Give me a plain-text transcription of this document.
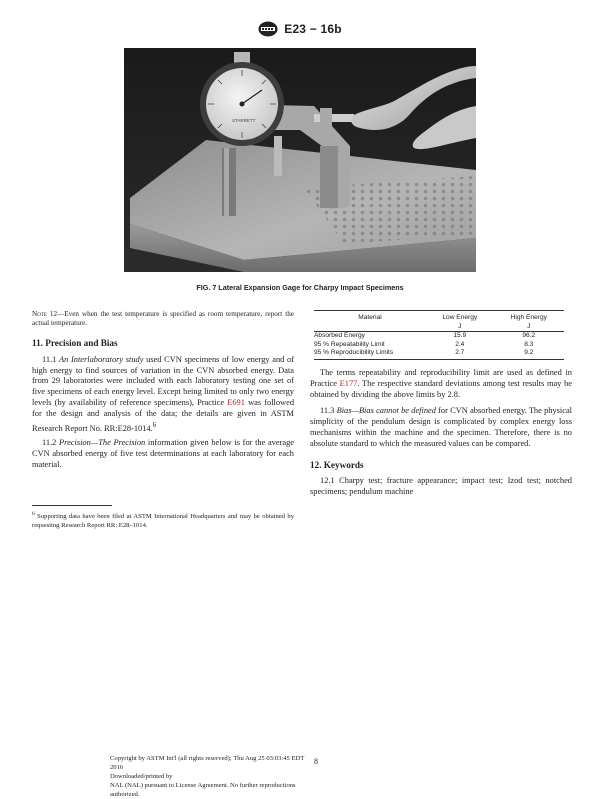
E23 − 16b
STARRETT
FIG. 7 Lateral Expansion Gage for Charpy Impact Specimens

Note 12—Even when the test temperature is specified as room temperature, report the actual temperature.

11. Precision and Bias

11.1 An Interlaboratory study used CVN specimens of low energy and of high energy to find sources of variation in the CVN absorbed energy. Data from 29 laboratories were included with each laboratory testing one set of five specimens of each energy level. Except being limited to only two energy levels (by availability of reference specimens), Practice E691 was followed for the design and analysis of the data; the details are given in ASTM Research Report No. RR:E28-1014.$^6$

11.2 Precision—The Precision information given below is for the average CVN absorbed energy of five test determinations at each laboratory for each material.

$^6$ Supporting data have been filed at ASTM International Headquarters and may be obtained by requesting Research Report RR: E28–1014.
Material	Low Energy	High Energy
	J	J
Absorbed Energy	15.9	96.2
95 % Repeatability Limit	2.4	8.3
95 % Reproducibility Limits	2.7	9.2

The terms repeatability and reproducibility limit are used as defined in Practice E177. The respective standard deviations among test results may be obtained by dividing the above limits by 2.8.

11.3 Bias—Bias cannot be defined for CVN absorbed energy. The physical simplicity of the pendulum design is complicated by complex energy loss mechanisms within the machine and the specimen. Therefore, there is no absolute standard to which the measured values can be compared.

12. Keywords

12.1 Charpy test; fracture appearance; impact test; Izod test; notched specimens; pendulum machine

Copyright by ASTM Int'l (all rights reserved); Thu Aug 25 03:03:45 EDT 2016
Downloaded/printed by
NAL (NAL) pursuant to License Agreement. No further reproductions authorized.
8
